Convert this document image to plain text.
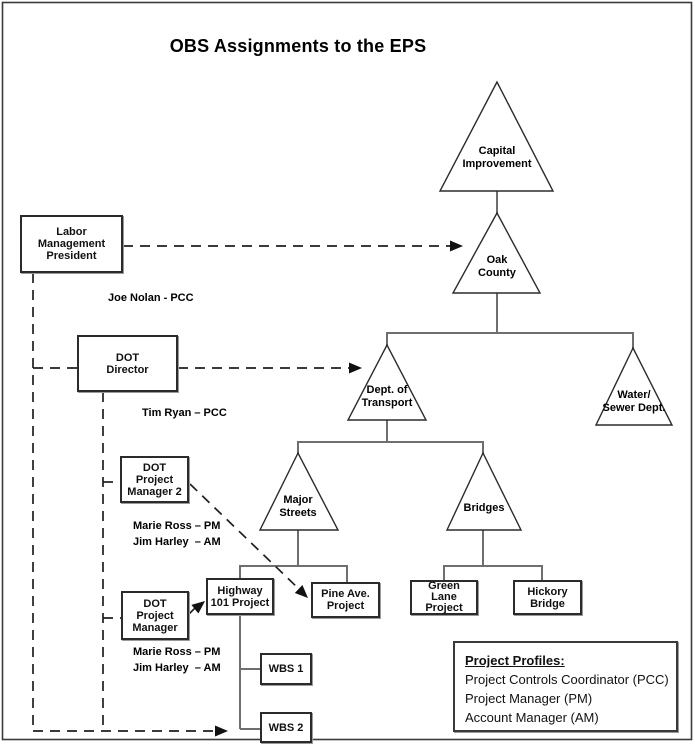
OBS Assignments to the EPS
Labor
Management
President
DOT
Director
DOT
Project
Manager 2
DOT
Project
Manager
Highway
101 Project
Pine Ave.
Project
Green
Lane
Project
Hickory
Bridge
WBS 1
WBS 2
Capital
Improvement
Oak
County
Dept. of
Transport
Water/
Sewer Dept.
Major
Streets	Bridges
Joe Nolan - PCC
Tim Ryan – PCC
Marie Ross – PM
Jim Harley  – AM
Marie Ross – PM
Jim Harley  – AM	Project Profiles:
Project Controls Coordinator (PCC)
Project Manager (PM)
Account Manager (AM)
